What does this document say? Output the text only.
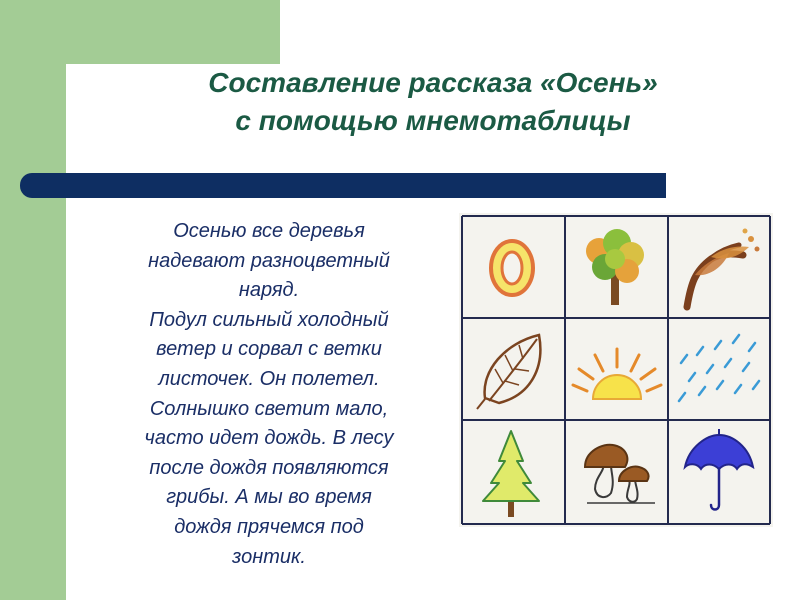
Составление рассказа «Осень»
с помощью мнемотаблицы
Осенью все деревья
надевают разноцветный
наряд.
Подул сильный холодный
ветер и сорвал с ветки
листочек. Он полетел.
Солнышко светит мало,
часто идет дождь. В лесу
после дождя появляются
грибы. А мы во время
дождя прячемся под
зонтик.
